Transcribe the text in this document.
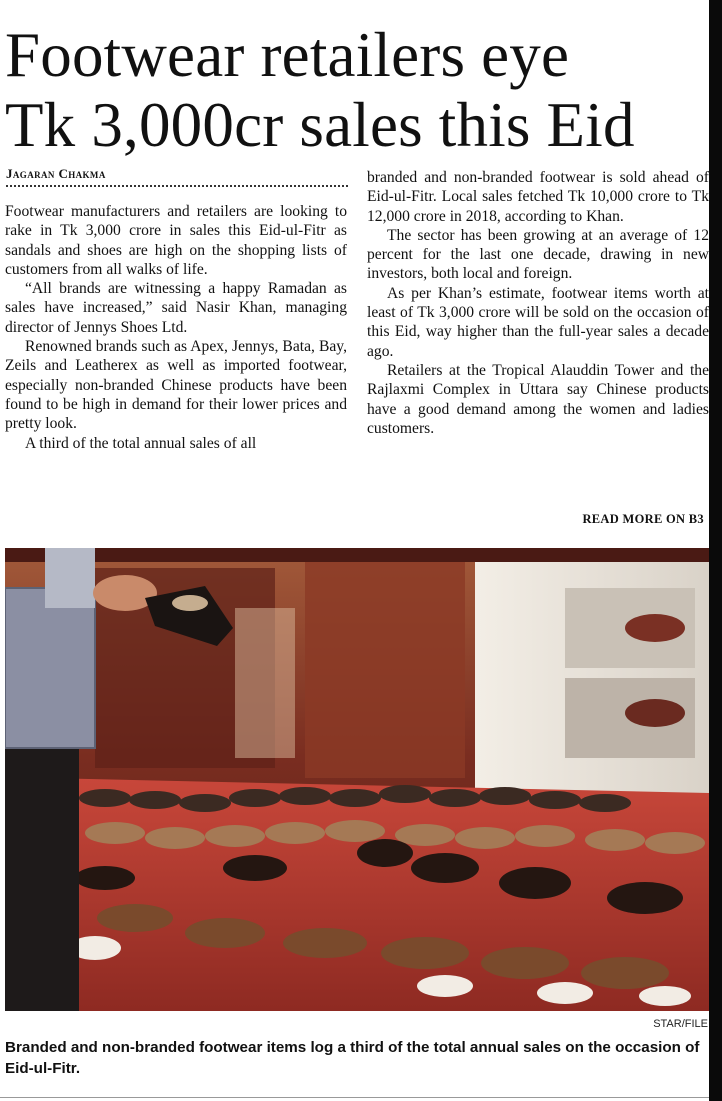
Footwear retailers eye
Tk 3,000cr sales this Eid
Jagaran Chakma

Footwear manufacturers and retailers are looking to rake in Tk 3,000 crore in sales this Eid-ul-Fitr as sandals and shoes are high on the shopping lists of customers from all walks of life.

“All brands are witnessing a happy Ramadan as sales have increased,” said Nasir Khan, managing director of Jennys Shoes Ltd.

Renowned brands such as Apex, Jennys, Bata, Bay, Zeils and Leatherex as well as imported footwear, especially non-branded Chinese products have been found to be high in demand for their lower prices and pretty look.

A third of the total annual sales of all

branded and non-branded footwear is sold ahead of Eid-ul-Fitr. Local sales fetched Tk 10,000 crore to Tk 12,000 crore in 2018, according to Khan.

The sector has been growing at an average of 12 percent for the last one decade, drawing in new investors, both local and foreign.

As per Khan’s estimate, footwear items worth at least of Tk 3,000 crore will be sold on the occasion of this Eid, way higher than the full-year sales a decade ago.

Retailers at the Tropical Alauddin Tower and the Rajlaxmi Complex in Uttara say Chinese products have a good demand among the women and ladies customers.

READ MORE ON B3
STAR/FILE

Branded and non-branded footwear items log a third of the total annual sales on the occasion of Eid-ul-Fitr.
